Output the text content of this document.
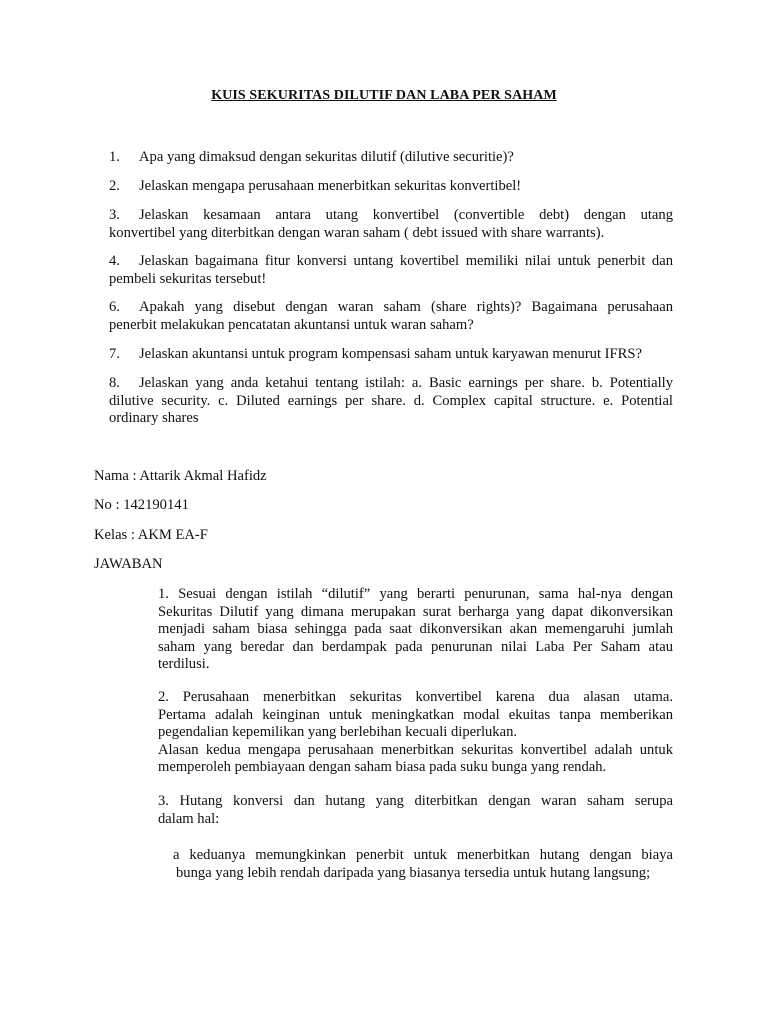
KUIS SEKURITAS DILUTIF DAN LABA PER SAHAM
1. Apa yang dimaksud dengan sekuritas dilutif (dilutive securitie)?
2. Jelaskan mengapa perusahaan menerbitkan sekuritas konvertibel!
3. Jelaskan kesamaan antara utang konvertibel (convertible debt) dengan utang
konvertibel yang diterbitkan dengan waran saham ( debt issued with share warrants).
4. Jelaskan bagaimana fitur konversi untang kovertibel memiliki nilai untuk penerbit dan
pembeli sekuritas tersebut!
6. Apakah yang disebut dengan waran saham (share rights)? Bagaimana perusahaan
penerbit melakukan pencatatan akuntansi untuk waran saham?
7. Jelaskan akuntansi untuk program kompensasi saham untuk karyawan menurut IFRS?
8. Jelaskan yang anda ketahui tentang istilah: a. Basic earnings per share. b. Potentially
dilutive security. c. Diluted earnings per share. d. Complex capital structure. e. Potential
ordinary shares
Nama : Attarik Akmal Hafidz
No : 142190141
Kelas : AKM EA-F
JAWABAN
1. Sesuai dengan istilah “dilutif” yang berarti penurunan, sama hal-nya dengan
Sekuritas Dilutif yang dimana merupakan surat berharga yang dapat dikonversikan
menjadi saham biasa sehingga pada saat dikonversikan akan memengaruhi jumlah
saham yang beredar dan berdampak pada penurunan nilai Laba Per Saham atau
terdilusi.
2. Perusahaan menerbitkan sekuritas konvertibel karena dua alasan utama.
Pertama adalah keinginan untuk meningkatkan modal ekuitas tanpa memberikan
pegendalian kepemilikan yang berlebihan kecuali diperlukan.
Alasan kedua mengapa perusahaan menerbitkan sekuritas konvertibel adalah untuk
memperoleh pembiayaan dengan saham biasa pada suku bunga yang rendah.
3. Hutang konversi dan hutang yang diterbitkan dengan waran saham serupa
dalam hal:
a keduanya memungkinkan penerbit untuk menerbitkan hutang dengan biaya
bunga yang lebih rendah daripada yang biasanya tersedia untuk hutang langsung;
